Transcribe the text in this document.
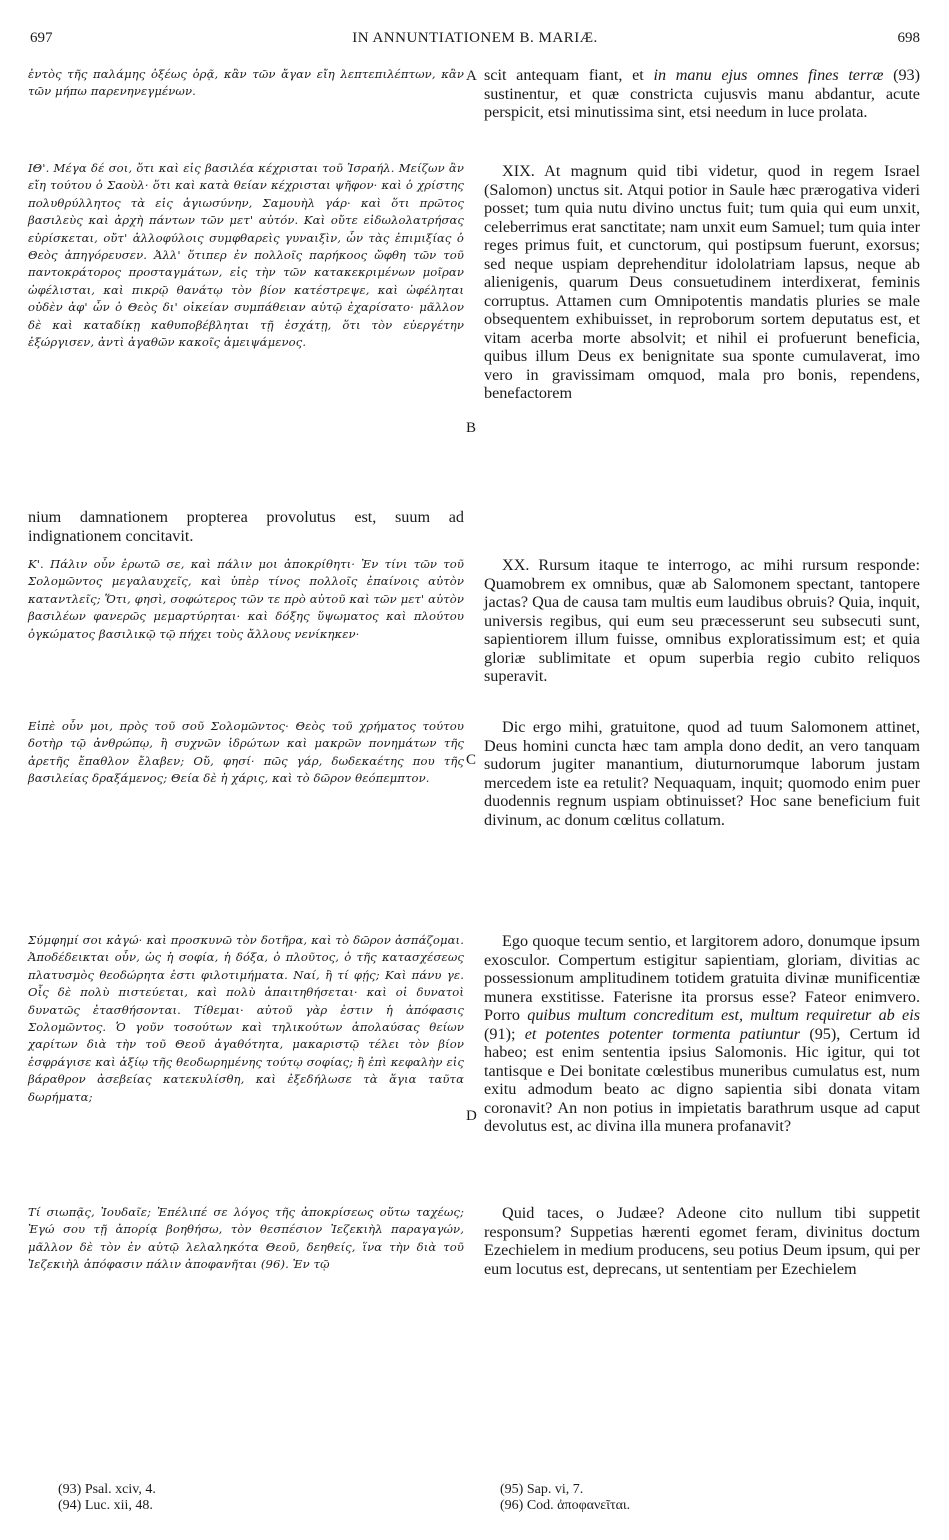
697	IN ANNUNTIATIONEM B. MARIÆ.	698
ἐντὸς τῆς παλάμης ὀξέως ὁρᾷ, κἂν τῶν ἄγαν εἴη λεπτεπιλέπτων, κἂν τῶν μήπω παρενηνεγμένων.
ΙΘ'. Μέγα δέ σοι, ὅτι καὶ εἰς βασιλέα κέχρισται τοῦ Ἰσραήλ. Μείζων ἂν εἴη τούτου ὁ Σαοὺλ· ὅτι καὶ κατὰ θείαν κέχρισται ψῆφον· καὶ ὁ χρίστης πολυθρύλλητος τὰ εἰς ἁγιωσύνην, Σαμουὴλ γάρ· καὶ ὅτι πρῶτος βασιλεὺς καὶ ἀρχὴ πάντων τῶν μετ' αὐτόν. Καὶ οὔτε εἰδωλολατρήσας εὑρίσκεται, οὔτ' ἀλλοφύλοις συμφθαρεὶς γυναιξὶν, ὧν τὰς ἐπιμιξίας ὁ Θεὸς ἀπηγόρευσεν. Ἀλλ' ὅτιπερ ἐν πολλοῖς παρήκοος ὤφθη τῶν τοῦ παντοκράτορος προσταγμάτων, εἰς τὴν τῶν κατακεκριμένων μοῖραν ὠφέλισται, καὶ πικρῷ θανάτῳ τὸν βίον κατέστρεψε, καὶ ὠφέληται οὐδὲν ἀφ' ὧν ὁ Θεὸς δι' οἰκείαν συμπάθειαν αὐτῷ ἐχαρίσατο· μᾶλλον δὲ καὶ καταδίκῃ καθυποβέβληται τῇ ἐσχάτῃ, ὅτι τὸν εὐεργέτην ἐξώργισεν, ἀντὶ ἀγαθῶν κακοῖς ἀμειψάμενος.
nium damnationem propterea provolutus est, suum ad indignationem concitavit.
Κ'. Πάλιν οὖν ἐρωτῶ σε, καὶ πάλιν μοι ἀποκρίθητι· Ἐν τίνι τῶν τοῦ Σολομῶντος μεγαλαυχεῖς, καὶ ὑπὲρ τίνος πολλοῖς ἐπαίνοις αὐτὸν καταντλεῖς; Ὅτι, φησὶ, σοφώτερος τῶν τε πρὸ αὐτοῦ καὶ τῶν μετ' αὐτὸν βασιλέων φανερῶς μεμαρτύρηται· καὶ δόξης ὕψωματος καὶ πλούτου ὀγκώματος βασιλικῷ τῷ πήχει τοὺς ἄλλους νενίκηκεν·
Εἰπὲ οὖν μοι, πρὸς τοῦ σοῦ Σολομῶντος· Θεὸς τοῦ χρήματος τούτου δοτὴρ τῷ ἀνθρώπῳ, ἢ συχνῶν ἱδρώτων καὶ μακρῶν πονημάτων τῆς ἀρετῆς ἔπαθλον ἔλαβεν; Οὔ, φησί· πῶς γάρ, δωδεκαέτης που τῆς βασιλείας δραξάμενος; Θεία δὲ ἡ χάρις, καὶ τὸ δῶρον θεόπεμπτον.
Σύμφημί σοι κἀγώ· καὶ προσκυνῶ τὸν δοτῆρα, καὶ τὸ δῶρον ἀσπάζομαι. Ἀποδέδεικται οὖν, ὡς ἡ σοφία, ἡ δόξα, ὁ πλοῦτος, ὁ τῆς κατασχέσεως πλατυσμὸς θεοδώρητα ἐστι φιλοτιμήματα. Ναί, ἢ τί φῄς; Καὶ πάνυ γε. Οἷς δὲ πολὺ πιστεύεται, καὶ πολὺ ἀπαιτηθήσεται· καὶ οἱ δυνατοὶ δυνατῶς ἐτασθήσονται. Τίθεμαι· αὐτοῦ γὰρ ἐστιν ἡ ἀπόφασις Σολομῶντος. Ὁ γοῦν τοσούτων καὶ τηλικούτων ἀπολαύσας θείων χαρίτων διὰ τὴν τοῦ Θεοῦ ἀγαθότητα, μακαριστῷ τέλει τὸν βίον ἐσφράγισε καὶ ἀξίῳ τῆς θεοδωρημένης τούτῳ σοφίας; ἢ ἐπὶ κεφαλὴν εἰς βάραθρον ἀσεβείας κατεκυλίσθη, καὶ ἐξεδήλωσε τὰ ἅγια ταῦτα δωρήματα;
Τί σιωπᾷς, Ἰουδαῖε; Ἐπέλιπέ σε λόγος τῆς ἀποκρίσεως οὕτω ταχέως; Ἐγώ σου τῇ ἀπορίᾳ βοηθήσω, τὸν θεσπέσιον Ἰεζεκιὴλ παραγαγών, μᾶλλον δὲ τὸν ἐν αὐτῷ λελαληκότα Θεοῦ, δεηθείς, ἵνα τὴν διὰ τοῦ Ἰεζεκιὴλ ἀπόφασιν πάλιν ἀποφανῆται (96). Ἐν τῷ
A
B
C
D
scit antequam fiant, et in manu ejus omnes fines terræ (93) sustinentur, et quæ constricta cujusvis manu abdantur, acute perspicit, etsi minutissima sint, etsi needum in luce prolata.
XIX. At magnum quid tibi videtur, quod in regem Israel (Salomon) unctus sit. Atqui potior in Saule hæc prærogativa videri posset; tum quia nutu divino unctus fuit; tum quia qui eum unxit, celeberrimus erat sanctitate; nam unxit eum Samuel; tum quia inter reges primus fuit, et cunctorum, qui postipsum fuerunt, exorsus; sed neque uspiam deprehenditur idololatriam lapsus, neque ab alienigenis, quarum Deus consuetudinem interdixerat, feminis corruptus. Attamen cum Omnipotentis mandatis pluries se male obsequentem exhibuisset, in reproborum sortem deputatus est, et vitam acerba morte absolvit; et nihil ei profuerunt beneficia, quibus illum Deus ex benignitate sua sponte cumulaverat, imo vero in gravissimam omquod, mala pro bonis, rependens, benefactorem
XX. Rursum itaque te interrogo, ac mihi rursum responde: Quamobrem ex omnibus, quæ ab Salomonem spectant, tantopere jactas? Qua de causa tam multis eum laudibus obruis? Quia, inquit, universis regibus, qui eum seu præcesserunt seu subsecuti sunt, sapientiorem illum fuisse, omnibus exploratissimum est; et quia gloriæ sublimitate et opum superbia regio cubito reliquos superavit.
Dic ergo mihi, gratuitone, quod ad tuum Salomonem attinet, Deus homini cuncta hæc tam ampla dono dedit, an vero tanquam sudorum jugiter manantium, diuturnorumque laborum justam mercedem iste ea retulit? Nequaquam, inquit; quomodo enim puer duodennis regnum uspiam obtinuisset? Hoc sane beneficium fuit divinum, ac donum cœlitus collatum.
Ego quoque tecum sentio, et largitorem adoro, donumque ipsum exosculor. Compertum estigitur sapientiam, gloriam, divitias ac possessionum amplitudinem totidem gratuita divinæ munificentiæ munera exstitisse. Faterisne ita prorsus esse? Fateor enimvero. Porro quibus multum concreditum est, multum requiretur ab eis (91); et potentes potenter tormenta patiuntur (95), Certum id habeo; est enim sententia ipsius Salomonis. Hic igitur, qui tot tantisque e Dei bonitate cœlestibus muneribus cumulatus est, num exitu admodum beato ac digno sapientia sibi donata vitam coronavit? An non potius in impietatis barathrum usque ad caput devolutus est, ac divina illa munera profanavit?
Quid taces, o Judæe? Adeone cito nullum tibi suppetit responsum? Suppetias hærenti egomet feram, divinitus doctum Ezechielem in medium producens, seu potius Deum ipsum, qui per eum locutus est, deprecans, ut sententiam per Ezechielem
(93) Psal. xciv, 4.
(94) Luc. xii, 48.
(95) Sap. vi, 7.
(96) Cod. ἀποφανεῖται.
